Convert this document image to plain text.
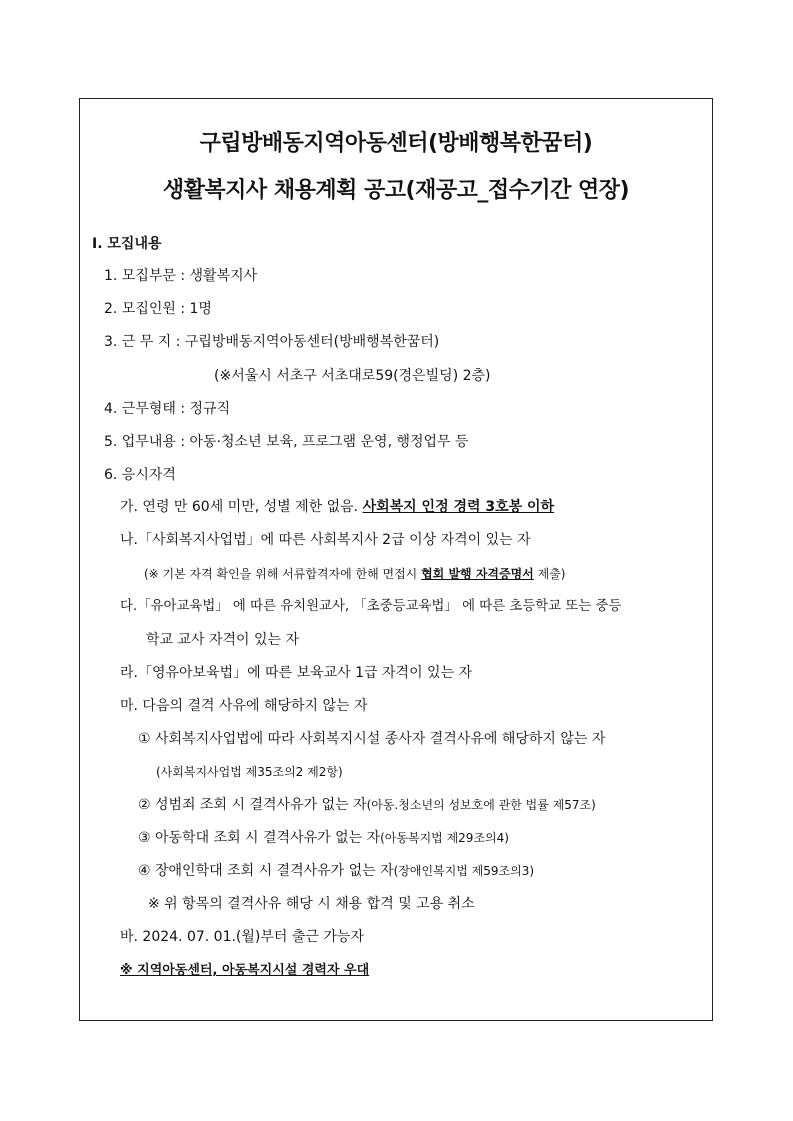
구립방배동지역아동센터(방배행복한꿈터)
생활복지사 채용계획 공고(재공고_접수기간 연장)
Ⅰ. 모집내용
1. 모집부문 : 생활복지사
2. 모집인원 : 1명
3. 근 무 지 : 구립방배동지역아동센터(방배행복한꿈터)
(※서울시 서초구 서초대로59(경은빌딩) 2층)
4. 근무형태 : 정규직
5. 업무내용 : 아동·청소년 보육, 프로그램 운영, 행정업무 등
6. 응시자격
가. 연령 만 60세 미만, 성별 제한 없음. 사회복지 인정 경력 3호봉 이하
나.「사회복지사업법」에 따른 사회복지사 2급 이상 자격이 있는 자
(※ 기본 자격 확인을 위해 서류합격자에 한해 면접시 협회 발행 자격증명서 제출)
다.「유아교육법」 에 따른 유치원교사, 「초중등교육법」 에 따른 초등학교 또는 중등
학교 교사 자격이 있는 자
라.「영유아보육법」에 따른 보육교사 1급 자격이 있는 자
마. 다음의 결격 사유에 해당하지 않는 자
① 사회복지사업법에 따라 사회복지시설 종사자 결격사유에 해당하지 않는 자
(사회복지사업법 제35조의2 제2항)
② 성범죄 조회 시 결격사유가 없는 자(아동.청소년의 성보호에 관한 법률 제57조)
③ 아동학대 조회 시 결격사유가 없는 자(아동복지법 제29조의4)
④ 장애인학대 조회 시 결격사유가 없는 자(장애인복지법 제59조의3)
※ 위 항목의 결격사유 해당 시 채용 합격 및 고용 취소
바. 2024. 07. 01.(월)부터 출근 가능자
※ 지역아동센터, 아동복지시설 경력자 우대
